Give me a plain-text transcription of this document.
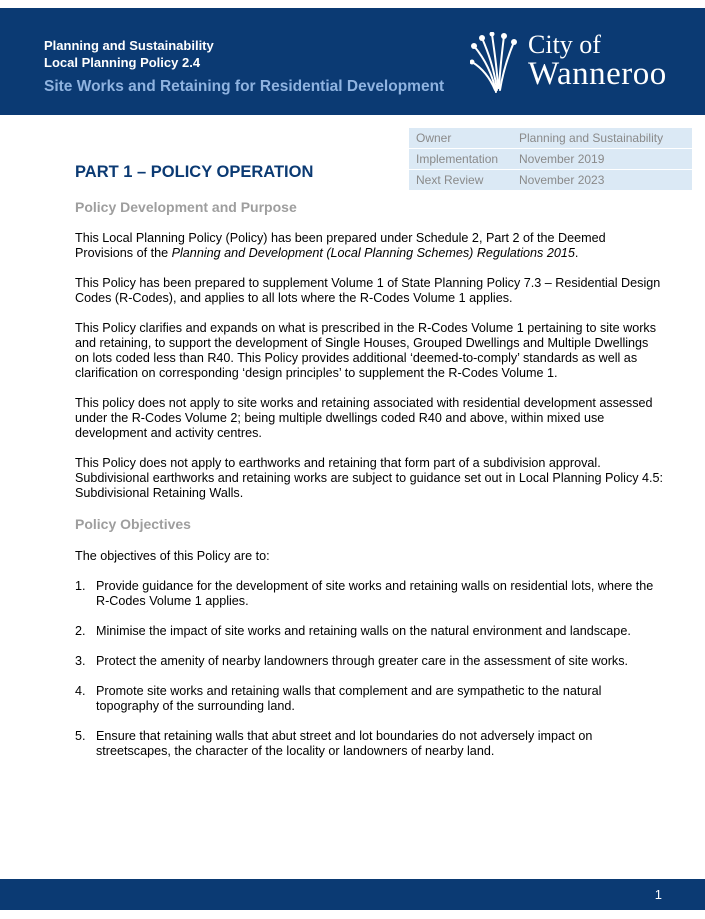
Planning and Sustainability
Local Planning Policy 2.4
Site Works and Retaining for Residential Development
City of
Wanneroo
Owner	Planning and Sustainability
Implementation	November 2019
Next Review	November 2023
PART 1 – POLICY OPERATION
Policy Development and Purpose

This Local Planning Policy (Policy) has been prepared under Schedule 2, Part 2 of the Deemed Provisions of the Planning and Development (Local Planning Schemes) Regulations 2015.

This Policy has been prepared to supplement Volume 1 of State Planning Policy 7.3 – Residential Design Codes (R-Codes), and applies to all lots where the R-Codes Volume 1 applies.

This Policy clarifies and expands on what is prescribed in the R-Codes Volume 1 pertaining to site works and retaining, to support the development of Single Houses, Grouped Dwellings and Multiple Dwellings on lots coded less than R40. This Policy provides additional ‘deemed-to-comply’ standards as well as clarification on corresponding ‘design principles’ to supplement the R-Codes Volume 1.

This policy does not apply to site works and retaining associated with residential development assessed under the R-Codes Volume 2; being multiple dwellings coded R40 and above, within mixed use development and activity centres.

This Policy does not apply to earthworks and retaining that form part of a subdivision approval. Subdivisional earthworks and retaining works are subject to guidance set out in Local Planning Policy 4.5: Subdivisional Retaining Walls.

Policy Objectives

The objectives of this Policy are to:

1. Provide guidance for the development of site works and retaining walls on residential lots, where the R-Codes Volume 1 applies.
2. Minimise the impact of site works and retaining walls on the natural environment and landscape.
3. Protect the amenity of nearby landowners through greater care in the assessment of site works.
4. Promote site works and retaining walls that complement and are sympathetic to the natural topography of the surrounding land.
5. Ensure that retaining walls that abut street and lot boundaries do not adversely impact on streetscapes, the character of the locality or landowners of nearby land.
1
